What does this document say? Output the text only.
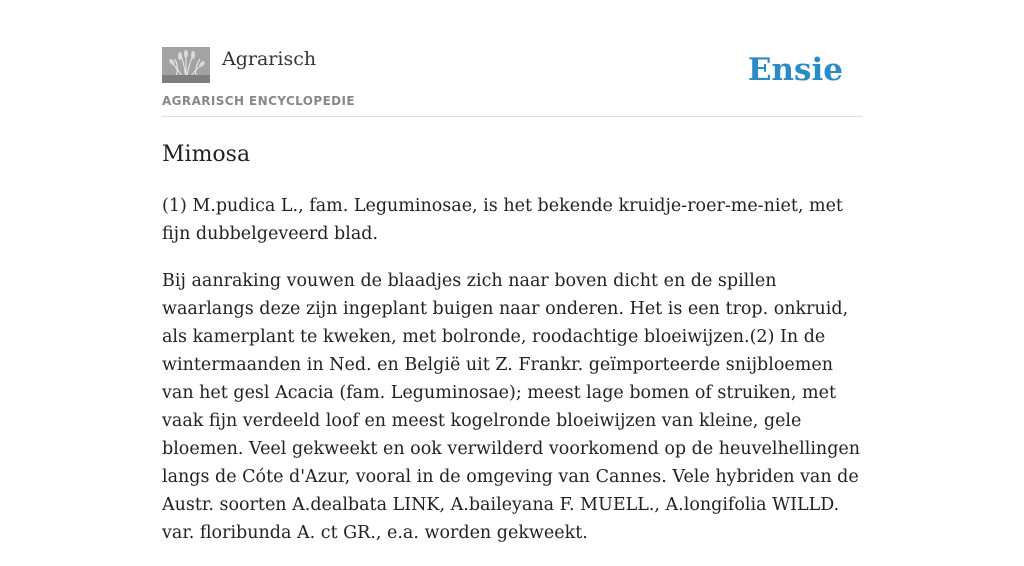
Agrarisch
AGRARISCH ENCYCLOPEDIE
Ensie
Mimosa

(1) M.pudica L., fam. Leguminosae, is het bekende kruidje-roer-me-niet, met fijn dubbelgeveerd blad.

Bij aanraking vouwen de blaadjes zich naar boven dicht en de spillen waarlangs deze zijn ingeplant buigen naar onderen. Het is een trop. onkruid, als kamerplant te kweken, met bolronde, roodachtige bloeiwijzen.(2) In de wintermaanden in Ned. en België uit Z. Frankr. geïmporteerde snijbloemen van het gesl Acacia (fam. Leguminosae); meest lage bomen of struiken, met vaak fijn verdeeld loof en meest kogelronde bloeiwijzen van kleine, gele bloemen. Veel gekweekt en ook verwilderd voorkomend op de heuvelhellingen langs de Cóte d'Azur, vooral in de omgeving van Cannes. Vele hybriden van de Austr. soorten A.dealbata LINK, A.baileyana F. MUELL., A.longifolia WILLD. var. floribunda A. ct GR., e.a. worden gekweekt.
